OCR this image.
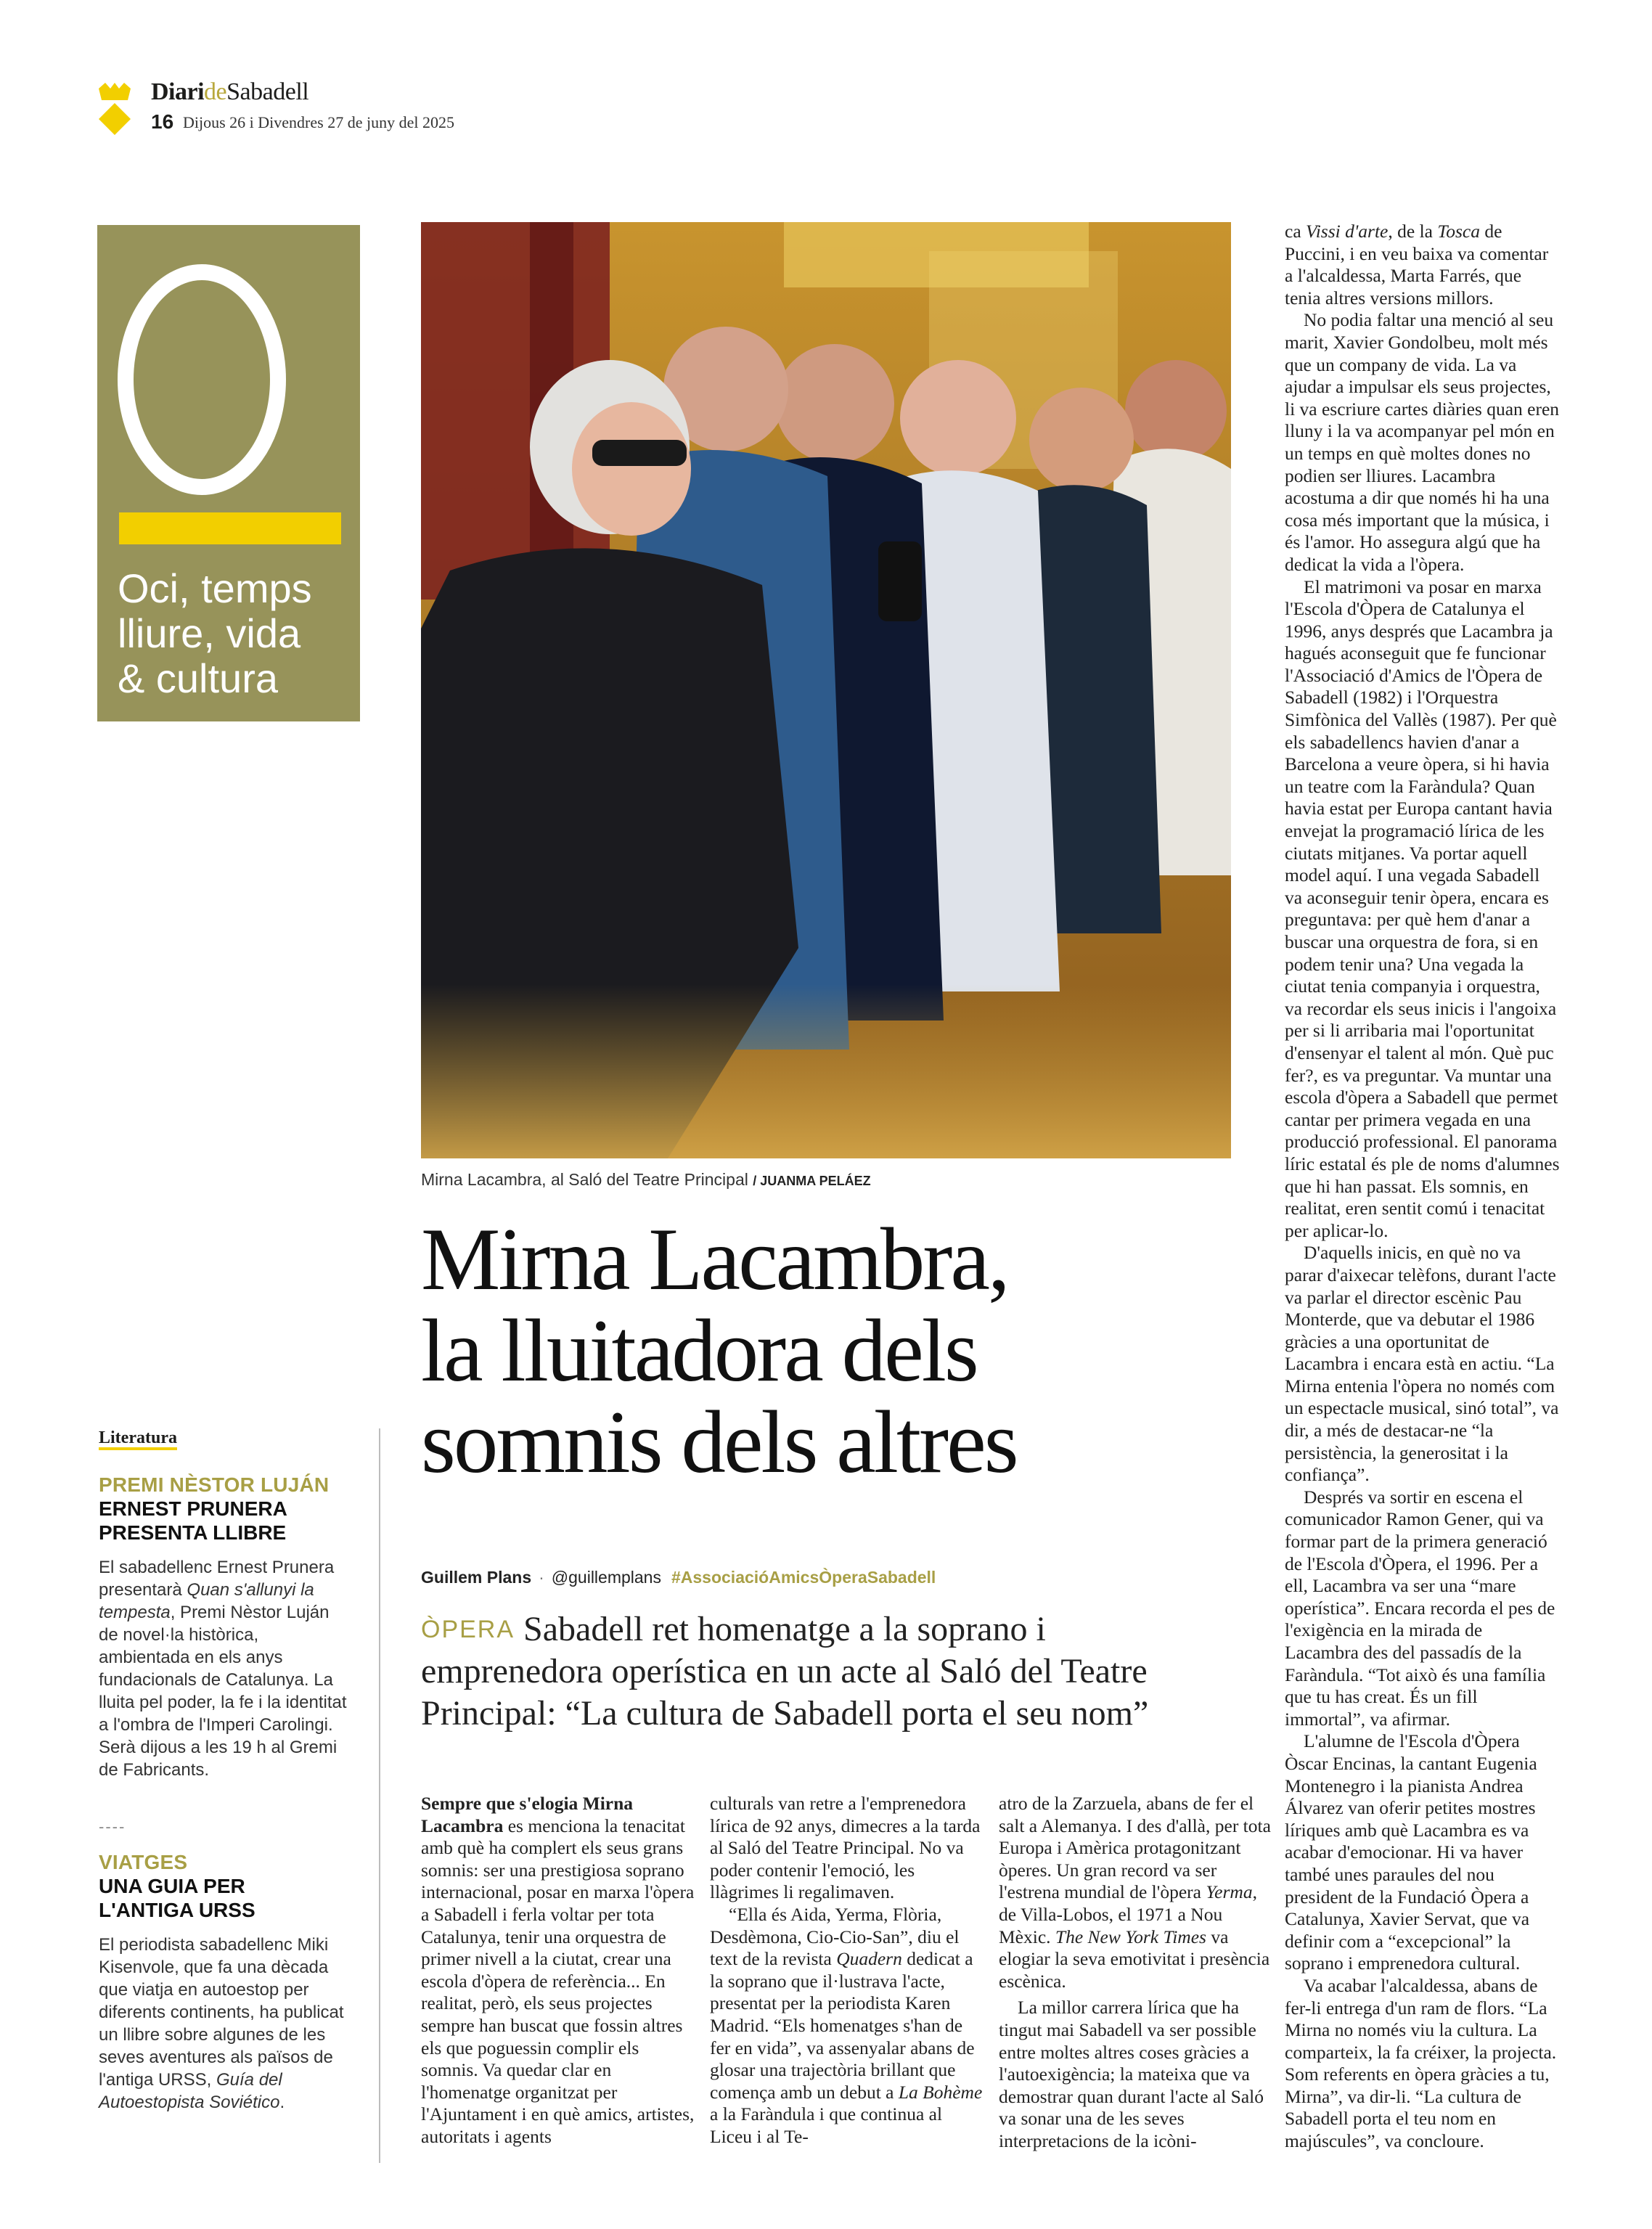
DiarideSabadell
16 Dijous 26 i Divendres 27 de juny del 2025
Oci, temps
lliure, vida
& cultura
Literatura
PREMI NÈSTOR LUJÁN
ERNEST PRUNERA
PRESENTA LLIBRE
El sabadellenc Ernest Prunera presentarà Quan s'allunyi la tempesta, Premi Nèstor Luján de novel·la històrica, ambientada en els anys fundacionals de Catalunya. La lluita pel poder, la fe i la identitat a l'ombra de l'Imperi Carolingi. Serà dijous a les 19 h al Gremi de Fabricants.
----
VIATGES
UNA GUIA PER
L'ANTIGA URSS
El periodista sabadellenc Miki Kisenvole, que fa una dècada que viatja en autoestop per diferents continents, ha publicat un llibre sobre algunes de les seves aventures als països de l'antiga URSS, Guía del Autoestopista Soviético.
Mirna Lacambra, al Saló del Teatre Principal / JUANMA PELÁEZ
Mirna Lacambra,
la lluitadora dels
somnis dels altres
Guillem Plans · @guillemplans #AssociacióAmicsÒperaSabadell
ÒPERA Sabadell ret homenatge a la soprano i
emprenedora operística en un acte al Saló del Teatre
Principal: “La cultura de Sabadell porta el seu nom”

Sempre que s'elogia Mirna Lacambra es menciona la tenacitat amb què ha complert els seus grans somnis: ser una prestigiosa soprano internacional, posar en marxa l'òpera a Sabadell i ferla voltar per tota Catalunya, tenir una orquestra de primer nivell a la ciutat, crear una escola d'òpera de referència... En realitat, però, els seus projectes sempre han buscat que fossin altres els que poguessin complir els somnis. Va quedar clar en l'homenatge organitzat per l'Ajuntament i en què amics, artistes, autoritats i agents

culturals van retre a l'emprenedora lírica de 92 anys, dimecres a la tarda al Saló del Teatre Principal. No va poder contenir l'emoció, les llàgrimes li regalimaven.

“Ella és Aida, Yerma, Flòria, Desdèmona, Cio-Cio-San”, diu el text de la revista Quadern dedicat a la soprano que il·lustrava l'acte, presentat per la periodista Karen Madrid. “Els homenatges s'han de fer en vida”, va assenyalar abans de glosar una trajectòria brillant que comença amb un debut a La Bohème a la Faràndula i que continua al Liceu i al Te-

atro de la Zarzuela, abans de fer el salt a Alemanya. I des d'allà, per tota Europa i Amèrica protagonitzant òperes. Un gran record va ser l'estrena mundial de l'òpera Yerma, de Villa-Lobos, el 1971 a Nou Mèxic. The New York Times va elogiar la seva emotivitat i presència escènica.

La millor carrera lírica que ha tingut mai Sabadell va ser possible entre moltes altres coses gràcies a l'autoexigència; la mateixa que va demostrar quan durant l'acte al Saló va sonar una de les seves interpretacions de la icòni-

ca Vissi d'arte, de la Tosca de Puccini, i en veu baixa va comentar a l'alcaldessa, Marta Farrés, que tenia altres versions millors.

No podia faltar una menció al seu marit, Xavier Gondolbeu, molt més que un company de vida. La va ajudar a impulsar els seus projectes, li va escriure cartes diàries quan eren lluny i la va acompanyar pel món en un temps en què moltes dones no podien ser lliures. Lacambra acostuma a dir que només hi ha una cosa més important que la música, i és l'amor. Ho assegura algú que ha dedicat la vida a l'òpera.

El matrimoni va posar en marxa l'Escola d'Òpera de Catalunya el 1996, anys després que Lacambra ja hagués aconseguit que fe funcionar l'Associació d'Amics de l'Òpera de Sabadell (1982) i l'Orquestra Simfònica del Vallès (1987). Per què els sabadellencs havien d'anar a Barcelona a veure òpera, si hi havia un teatre com la Faràndula? Quan havia estat per Europa cantant havia envejat la programació lírica de les ciutats mitjanes. Va portar aquell model aquí. I una vegada Sabadell va aconseguir tenir òpera, encara es preguntava: per què hem d'anar a buscar una orquestra de fora, si en podem tenir una? Una vegada la ciutat tenia companyia i orquestra, va recordar els seus inicis i l'angoixa per si li arribaria mai l'oportunitat d'ensenyar el talent al món. Què puc fer?, es va preguntar. Va muntar una escola d'òpera a Sabadell que permet cantar per primera vegada en una producció professional. El panorama líric estatal és ple de noms d'alumnes que hi han passat. Els somnis, en realitat, eren sentit comú i tenacitat per aplicar-lo.

D'aquells inicis, en què no va parar d'aixecar telèfons, durant l'acte va parlar el director escènic Pau Monterde, que va debutar el 1986 gràcies a una oportunitat de Lacambra i encara està en actiu. “La Mirna entenia l'òpera no només com un espectacle musical, sinó total”, va dir, a més de destacar-ne “la persistència, la generositat i la confiança”.

Després va sortir en escena el comunicador Ramon Gener, qui va formar part de la primera generació de l'Escola d'Òpera, el 1996. Per a ell, Lacambra va ser una “mare operística”. Encara recorda el pes de l'exigència en la mirada de Lacambra des del passadís de la Faràndula. “Tot això és una família que tu has creat. És un fill immortal”, va afirmar.

L'alumne de l'Escola d'Òpera Òscar Encinas, la cantant Eugenia Montenegro i la pianista Andrea Álvarez van oferir petites mostres líriques amb què Lacambra es va acabar d'emocionar. Hi va haver també unes paraules del nou president de la Fundació Òpera a Catalunya, Xavier Servat, que va definir com a “excepcional” la soprano i emprenedora cultural.

Va acabar l'alcaldessa, abans de fer-li entrega d'un ram de flors. “La Mirna no només viu la cultura. La comparteix, la fa créixer, la projecta. Som referents en òpera gràcies a tu, Mirna”, va dir-li. “La cultura de Sabadell porta el teu nom en majúscules”, va concloure.
